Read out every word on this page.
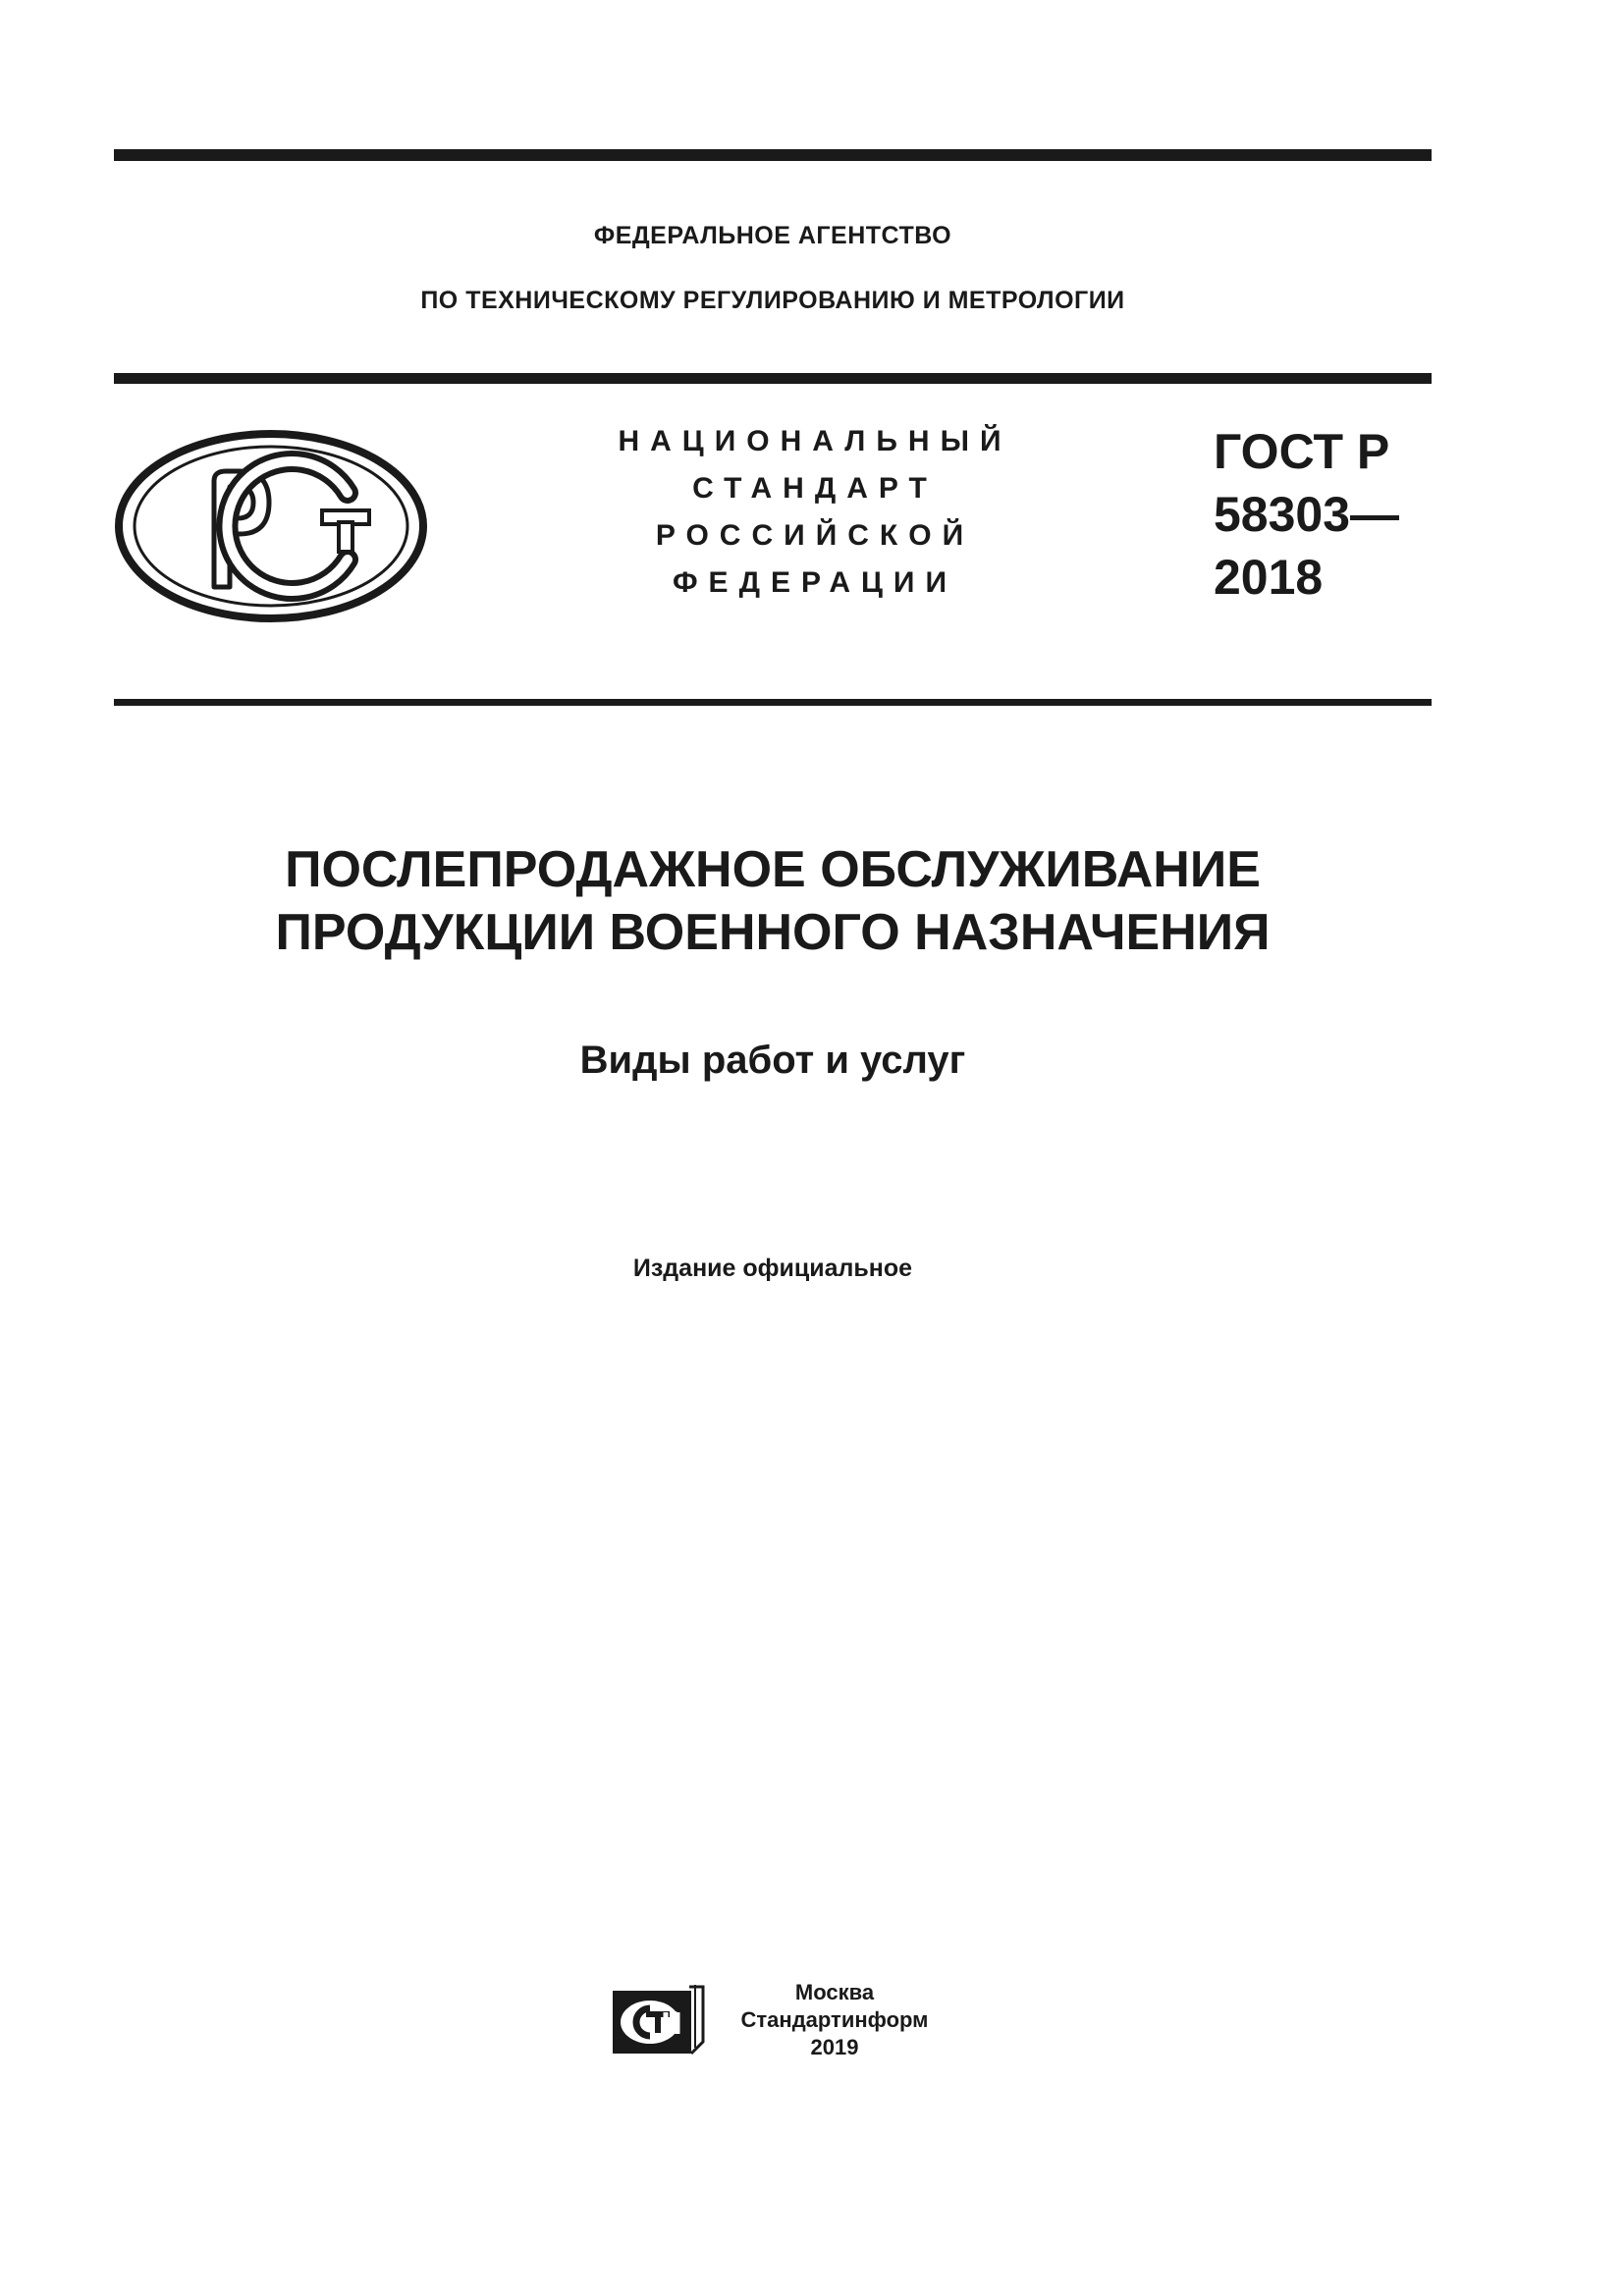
ФЕДЕРАЛЬНОЕ АГЕНТСТВО
ПО ТЕХНИЧЕСКОМУ РЕГУЛИРОВАНИЮ И МЕТРОЛОГИИ
НАЦИОНАЛЬНЫЙ
СТАНДАРТ
РОССИЙСКОЙ
ФЕДЕРАЦИИ
ГОСТ Р
58303—
2018
ПОСЛЕПРОДАЖНОЕ ОБСЛУЖИВАНИЕ
ПРОДУКЦИИ ВОЕННОГО НАЗНАЧЕНИЯ
Виды работ и услуг
Издание официальное
Москва
Стандартинформ
2019
